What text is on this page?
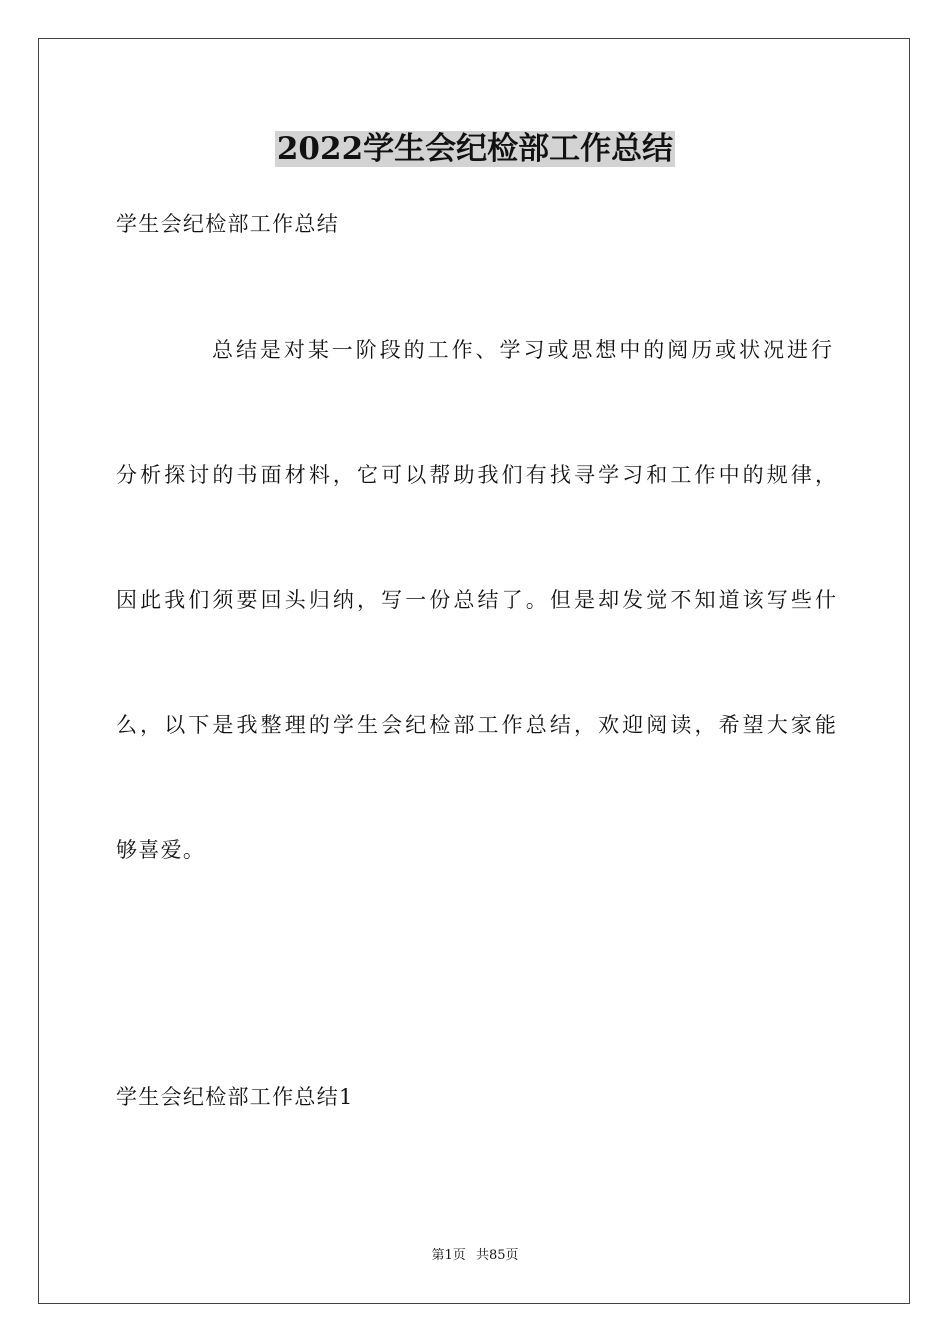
2022学生会纪检部工作总结

学生会纪检部工作总结

总结是对某一阶段的工作、学习或思想中的阅历或状况进行

分析探讨的书面材料，它可以帮助我们有找寻学习和工作中的规律，

因此我们须要回头归纳，写一份总结了。但是却发觉不知道该写些什

么，以下是我整理的学生会纪检部工作总结，欢迎阅读，希望大家能

够喜爱。

学生会纪检部工作总结1

第1页 共85页
